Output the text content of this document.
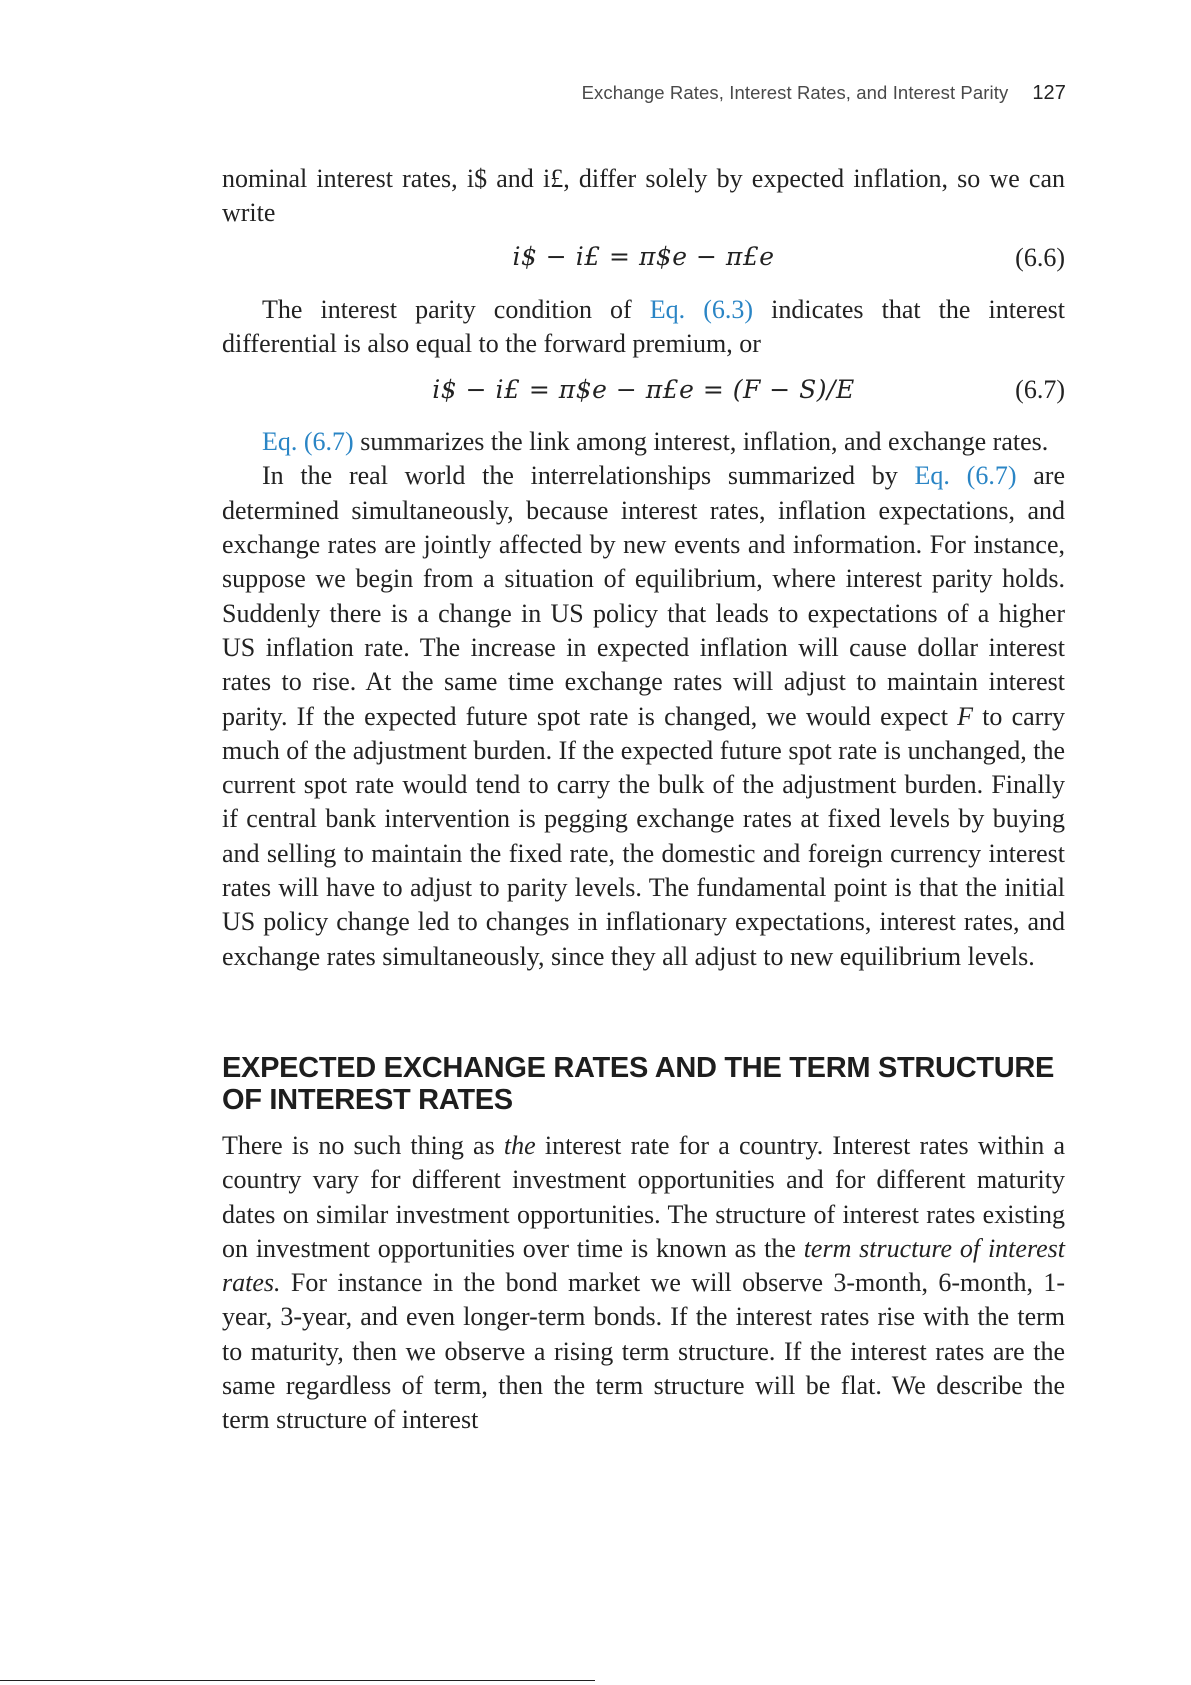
Exchange Rates, Interest Rates, and Interest Parity 127

nominal interest rates, i$ and i£, differ solely by expected inflation, so we can write

i$ − i£ = π$e − π£e	(6.6)

The interest parity condition of Eq. (6.3) indicates that the interest differential is also equal to the forward premium, or

i$ − i£ = π$e − π£e = (F − S)/E	(6.7)

Eq. (6.7) summarizes the link among interest, inflation, and exchange rates.

In the real world the interrelationships summarized by Eq. (6.7) are determined simultaneously, because interest rates, inflation expectations, and exchange rates are jointly affected by new events and information. For instance, suppose we begin from a situation of equilibrium, where interest parity holds. Suddenly there is a change in US policy that leads to expectations of a higher US inflation rate. The increase in expected inflation will cause dollar interest rates to rise. At the same time exchange rates will adjust to maintain interest parity. If the expected future spot rate is changed, we would expect F to carry much of the adjustment burden. If the expected future spot rate is unchanged, the current spot rate would tend to carry the bulk of the adjustment burden. Finally if central bank intervention is pegging exchange rates at fixed levels by buying and selling to maintain the fixed rate, the domestic and foreign currency interest rates will have to adjust to parity levels. The fundamental point is that the initial US policy change led to changes in inflationary expectations, interest rates, and exchange rates simultaneously, since they all adjust to new equilibrium levels.

EXPECTED EXCHANGE RATES AND THE TERM STRUCTURE
OF INTEREST RATES

There is no such thing as the interest rate for a country. Interest rates within a country vary for different investment opportunities and for different maturity dates on similar investment opportunities. The structure of interest rates existing on investment opportunities over time is known as the term structure of interest rates. For instance in the bond market we will observe 3-month, 6-month, 1-year, 3-year, and even longer-term bonds. If the interest rates rise with the term to maturity, then we observe a rising term structure. If the interest rates are the same regardless of term, then the term structure will be flat. We describe the term structure of interest
